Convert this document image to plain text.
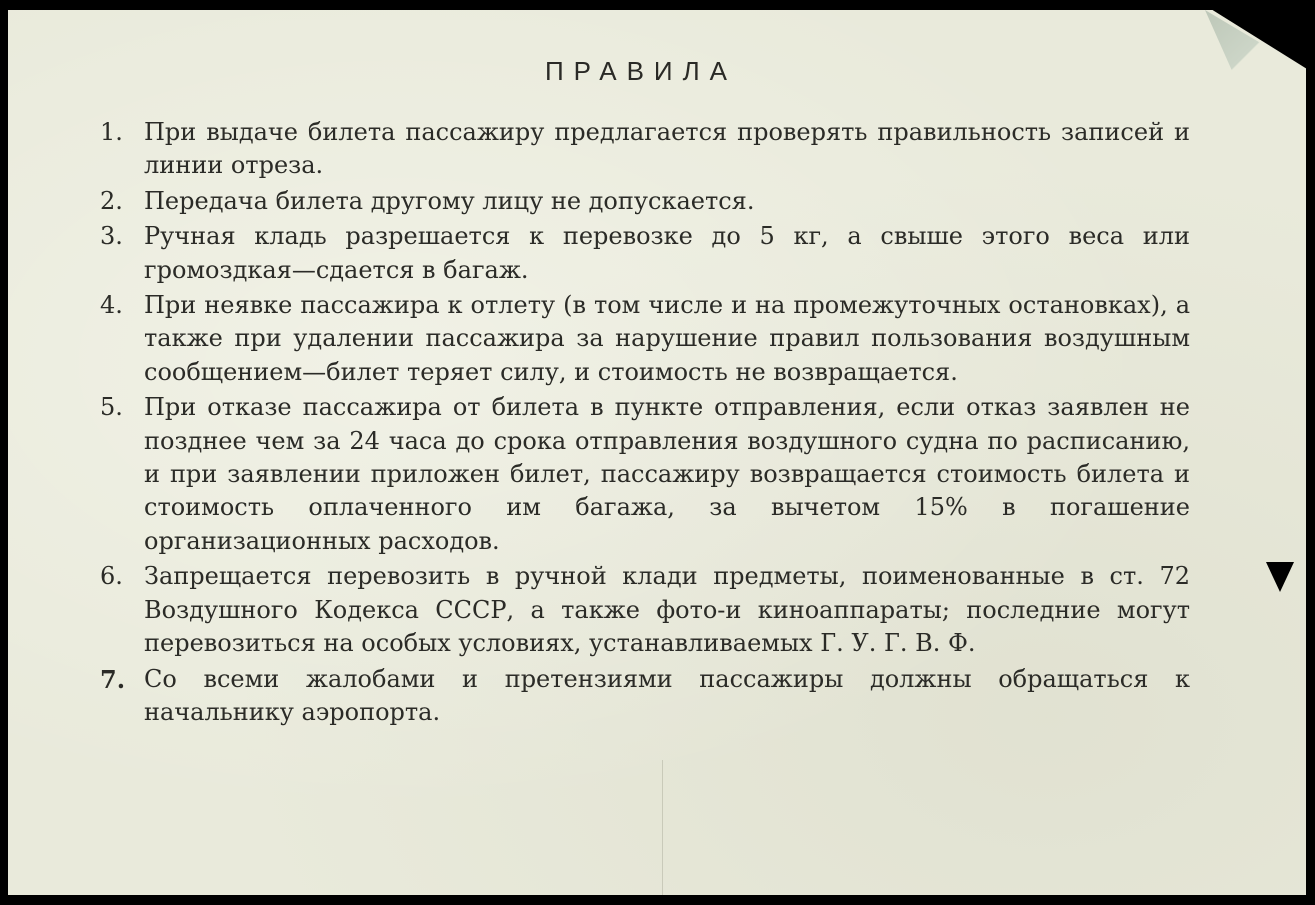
ПРАВИЛА
1. При выдаче билета пассажиру предлагается проверять правильность записей и линии отреза.
2. Передача билета другому лицу не допускается.
3. Ручная кладь разрешается к перевозке до 5 кг, а свыше этого веса или громоздкая—сдается в багаж.
4. При неявке пассажира к отлету (в том числе и на промежуточных остановках), а также при удалении пассажира за нарушение правил пользования воздушным сообщением—билет теряет силу, и стоимость не возвращается.
5. При отказе пассажира от билета в пункте отправления, если отказ заявлен не позднее чем за 24 часа до срока отправления воздушного судна по расписанию, и при заявлении приложен билет, пассажиру возвращается стоимость билета и стоимость оплаченного им багажа, за вычетом 15% в погашение организационных расходов.
6. Запрещается перевозить в ручной клади предметы, поименованные в ст. 72 Воздушного Кодекса СССР, а также фото-и киноаппараты; последние могут перевозиться на особых условиях, устанавливаемых Г. У. Г. В. Ф.
7. Со всеми жалобами и претензиями пассажиры должны обращаться к начальнику аэропорта.
